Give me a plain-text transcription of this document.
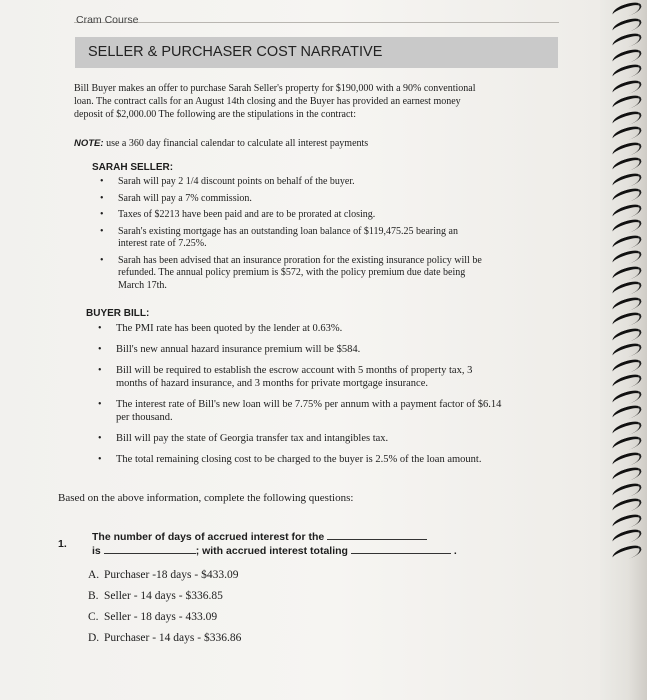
Cram Course
SELLER & PURCHASER COST NARRATIVE
Bill Buyer makes an offer to purchase Sarah Seller's property for $190,000 with a 90% conventional loan. The contract calls for an August 14th closing and the Buyer has provided an earnest money deposit of $2,000.00 The following are the stipulations in the contract:
NOTE: use a 360 day financial calendar to calculate all interest payments
SARAH SELLER:
• Sarah will pay 2 1/4 discount points on behalf of the buyer.
• Sarah will pay a 7% commission.
• Taxes of $2213 have been paid and are to be prorated at closing.
• Sarah's existing mortgage has an outstanding loan balance of $119,475.25 bearing an interest rate of 7.25%.
• Sarah has been advised that an insurance proration for the existing insurance policy will be refunded. The annual policy premium is $572, with the policy premium due date being March 17th.
BUYER BILL:
• The PMI rate has been quoted by the lender at 0.63%.
• Bill's new annual hazard insurance premium will be $584.
• Bill will be required to establish the escrow account with 5 months of property tax, 3 months of hazard insurance, and 3 months for private mortgage insurance.
• The interest rate of Bill's new loan will be 7.75% per annum with a payment factor of $6.14 per thousand.
• Bill will pay the state of Georgia transfer tax and intangibles tax.
• The total remaining closing cost to be charged to the buyer is 2.5% of the loan amount.
Based on the above information, complete the following questions:
1.
The number of days of accrued interest for the
is	; with accrued interest totaling	.
A. Purchaser -18 days - $433.09
B. Seller - 14 days - $336.85
C. Seller - 18 days - 433.09
D. Purchaser - 14 days - $336.86
